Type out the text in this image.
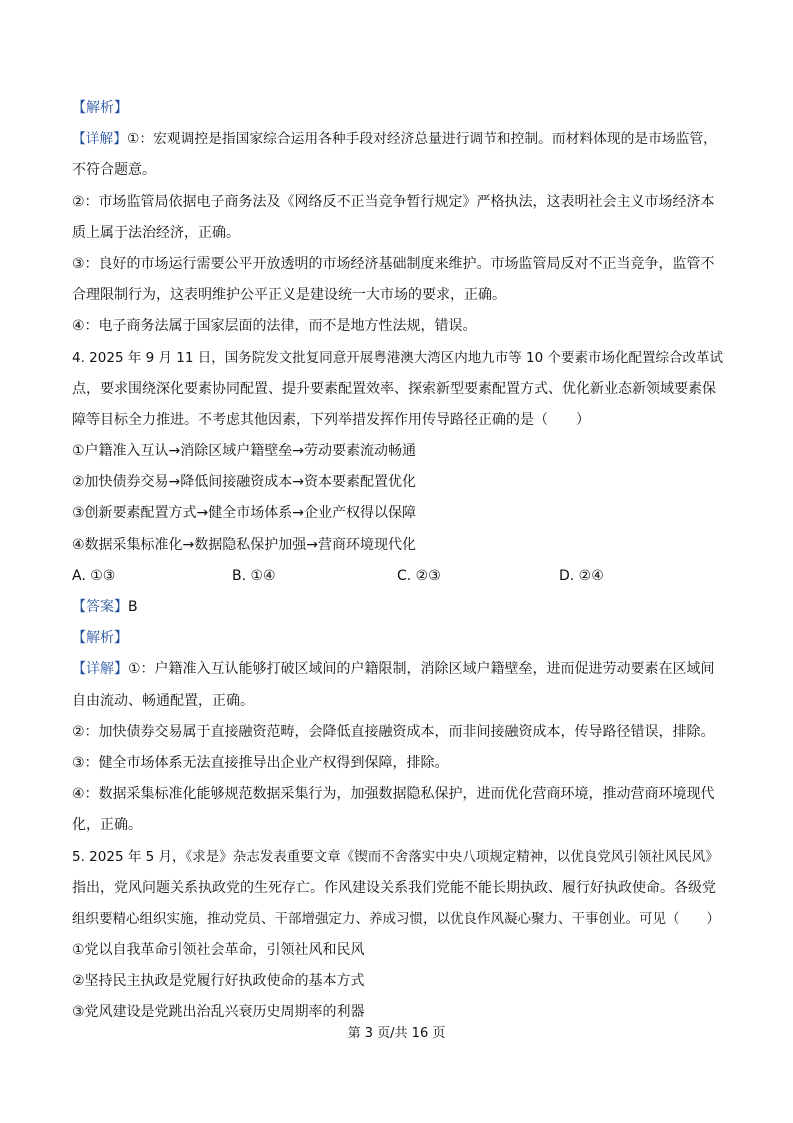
【解析】
【详解】①：宏观调控是指国家综合运用各种手段对经济总量进行调节和控制。而材料体现的是市场监管，
不符合题意。
②：市场监管局依据电子商务法及《网络反不正当竞争暂行规定》严格执法，这表明社会主义市场经济本
质上属于法治经济，正确。
③：良好的市场运行需要公平开放透明的市场经济基础制度来维护。市场监管局反对不正当竞争，监管不
合理限制行为，这表明维护公平正义是建设统一大市场的要求，正确。
④：电子商务法属于国家层面的法律，而不是地方性法规，错误。
4. 2025 年 9 月 11 日，国务院发文批复同意开展粤港澳大湾区内地九市等 10 个要素市场化配置综合改革试
点，要求围绕深化要素协同配置、提升要素配置效率、探索新型要素配置方式、优化新业态新领域要素保
障等目标全力推进。不考虑其他因素，下列举措发挥作用传导路径正确的是（　　）
①户籍准入互认→消除区域户籍壁垒→劳动要素流动畅通
②加快债券交易→降低间接融资成本→资本要素配置优化
③创新要素配置方式→健全市场体系→企业产权得以保障
④数据采集标准化→数据隐私保护加强→营商环境现代化
A. ①③	B. ①④	C. ②③	D. ②④
【答案】B
【解析】
【详解】①：户籍准入互认能够打破区域间的户籍限制，消除区域户籍壁垒，进而促进劳动要素在区域间
自由流动、畅通配置，正确。
②：加快债券交易属于直接融资范畴，会降低直接融资成本，而非间接融资成本，传导路径错误，排除。
③：健全市场体系无法直接推导出企业产权得到保障，排除。
④：数据采集标准化能够规范数据采集行为，加强数据隐私保护，进而优化营商环境，推动营商环境现代
化，正确。
5. 2025 年 5 月，《求是》杂志发表重要文章《锲而不舍落实中央八项规定精神，以优良党风引领社风民风》
指出，党风问题关系执政党的生死存亡。作风建设关系我们党能不能长期执政、履行好执政使命。各级党
组织要精心组织实施，推动党员、干部增强定力、养成习惯，以优良作风凝心聚力、干事创业。可见（　　）
①党以自我革命引领社会革命，引领社风和民风
②坚持民主执政是党履行好执政使命的基本方式
③党风建设是党跳出治乱兴衰历史周期率的利器
第 3 页/共 16 页
